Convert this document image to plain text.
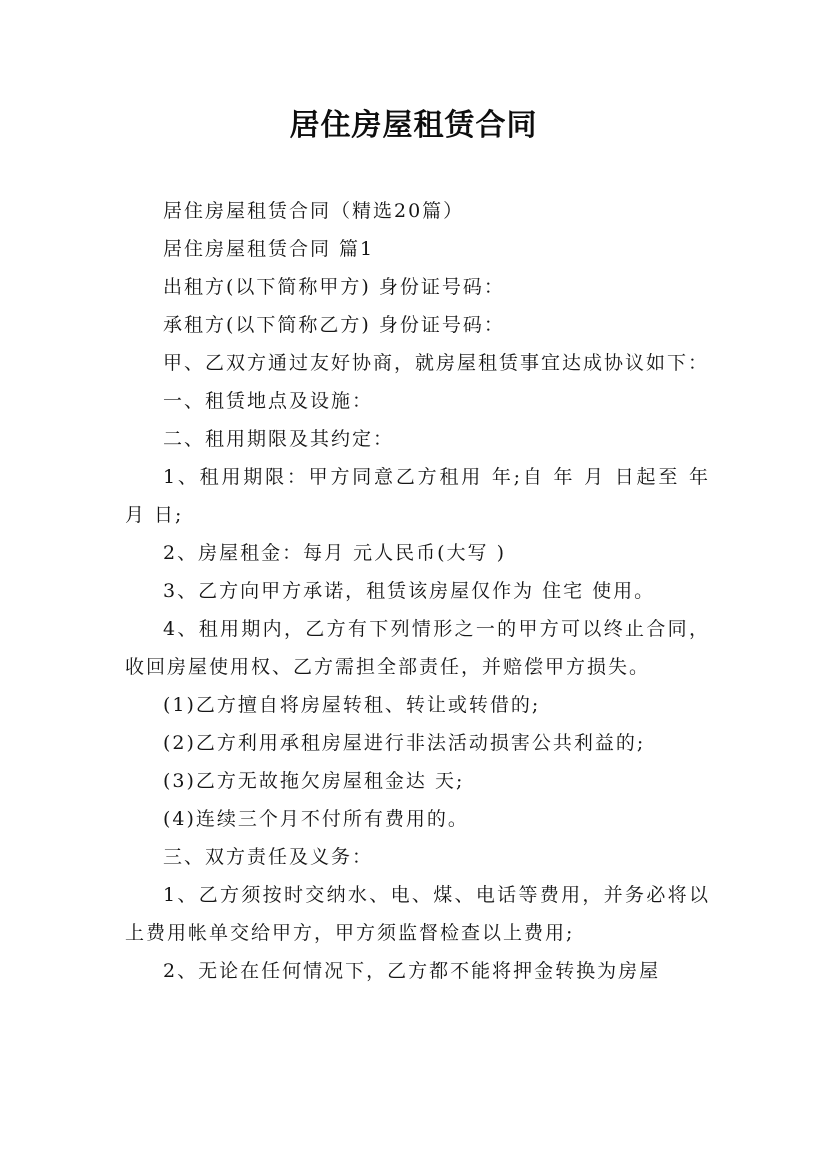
居住房屋租赁合同

居住房屋租赁合同（精选20篇）

居住房屋租赁合同 篇1

出租方(以下简称甲方) 身份证号码：

承租方(以下简称乙方) 身份证号码：

甲、乙双方通过友好协商，就房屋租赁事宜达成协议如下：

一、租赁地点及设施：

二、租用期限及其约定：

1、租用期限：甲方同意乙方租用 年;自 年 月 日起至 年 月 日;

2、房屋租金：每月 元人民币(大写 )

3、乙方向甲方承诺，租赁该房屋仅作为 住宅 使用。

4、租用期内，乙方有下列情形之一的甲方可以终止合同，收回房屋使用权、乙方需担全部责任，并赔偿甲方损失。

(1)乙方擅自将房屋转租、转让或转借的;

(2)乙方利用承租房屋进行非法活动损害公共利益的;

(3)乙方无故拖欠房屋租金达 天;

(4)连续三个月不付所有费用的。

三、双方责任及义务：

1、乙方须按时交纳水、电、煤、电话等费用，并务必将以上费用帐单交给甲方，甲方须监督检查以上费用;

2、无论在任何情况下，乙方都不能将押金转换为房屋
